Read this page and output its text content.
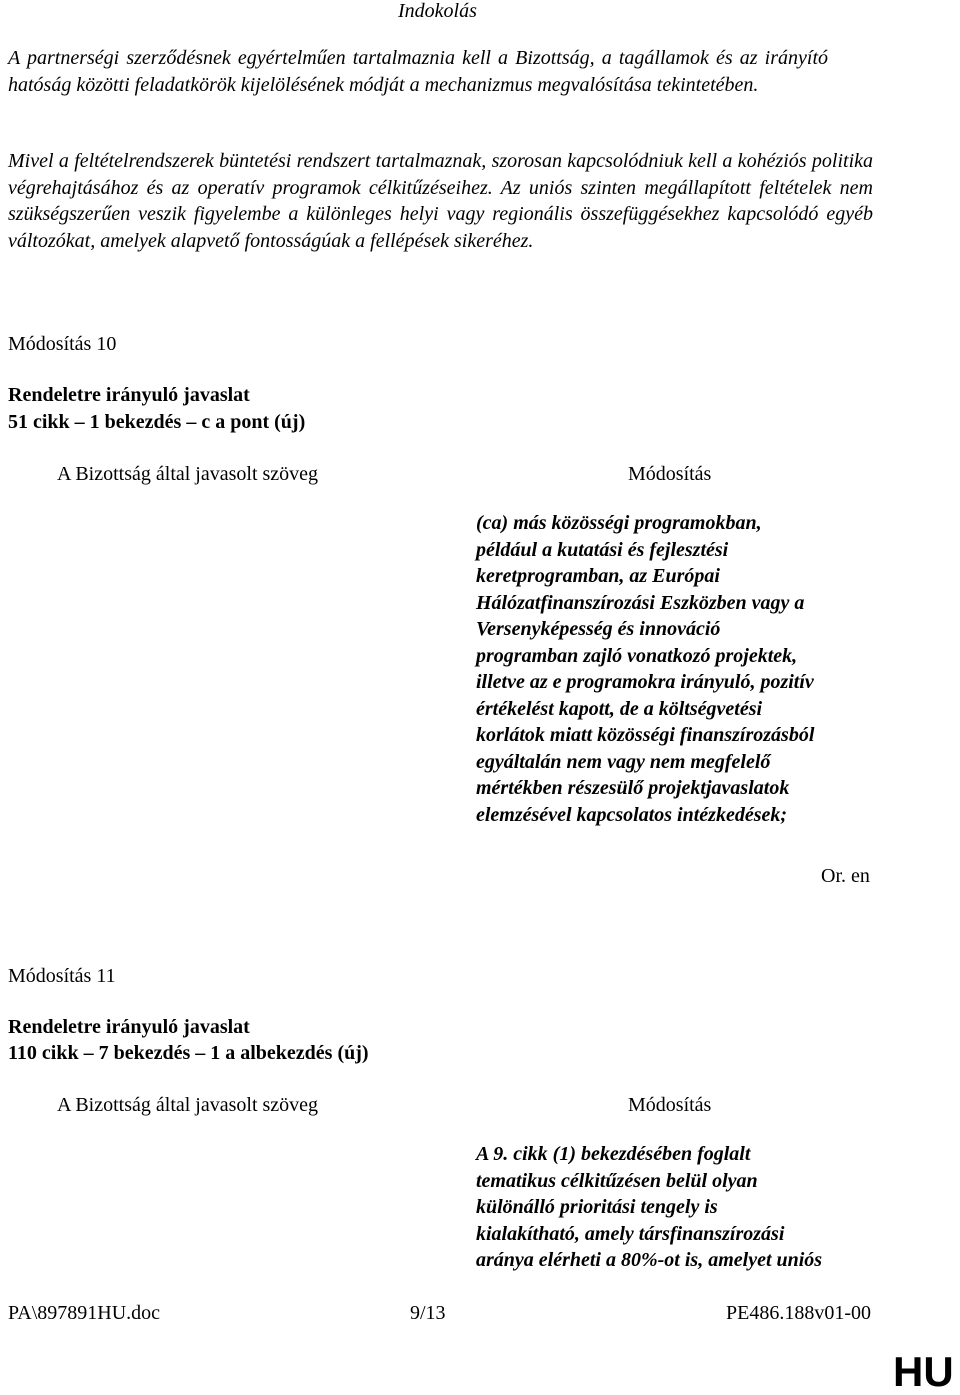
Indokolás

A partnerségi szerződésnek egyértelműen tartalmaznia kell a Bizottság, a tagállamok és az irányító hatóság közötti feladatkörök kijelölésének módját a mechanizmus megvalósítása tekintetében.

Mivel a feltételrendszerek büntetési rendszert tartalmaznak, szorosan kapcsolódniuk kell a kohéziós politika végrehajtásához és az operatív programok célkitűzéseihez. Az uniós szinten megállapított feltételek nem szükségszerűen veszik figyelembe a különleges helyi vagy regionális összefüggésekhez kapcsolódó egyéb változókat, amelyek alapvető fontosságúak a fellépések sikeréhez.

Módosítás 10

Rendeletre irányuló javaslat

51 cikk – 1 bekezdés – c a pont (új)

A Bizottság által javasolt szöveg	Módosítás

(ca) más közösségi programokban,
például a kutatási és fejlesztési
keretprogramban, az Európai
Hálózatfinanszírozási Eszközben vagy a
Versenyképesség és innováció
programban zajló vonatkozó projektek,
illetve az e programokra irányuló, pozitív
értékelést kapott, de a költségvetési
korlátok miatt közösségi finanszírozásból
egyáltalán nem vagy nem megfelelő
mértékben részesülő projektjavaslatok
elemzésével kapcsolatos intézkedések;

Or. en

Módosítás 11

Rendeletre irányuló javaslat

110 cikk – 7 bekezdés – 1 a albekezdés (új)

A Bizottság által javasolt szöveg	Módosítás

A 9. cikk (1) bekezdésében foglalt
tematikus célkitűzésen belül olyan
különálló prioritási tengely is
kialakítható, amely társfinanszírozási
aránya elérheti a 80%-ot is, amelyet uniós

PA\897891HU.doc	9/13	PE486.188v01-00

HU
